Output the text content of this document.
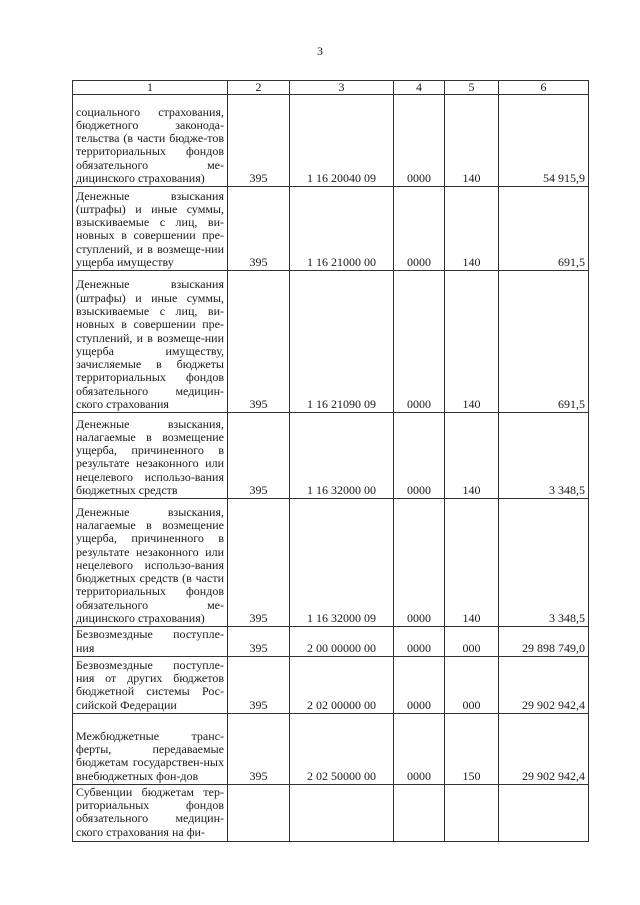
3
1	2	3	4	5	6
социального страхования, бюджетного законода-тельства (в части бюдже-тов территориальных фондов обязательного ме-дицинского страхования)	395	1 16 20040 09	0000	140	54 915,9
Денежные взыскания (штрафы) и иные суммы, взыскиваемые с лиц, ви-новных в совершении пре-ступлений, и в возмеще-нии ущерба имуществу	395	1 16 21000 00	0000	140	691,5
Денежные взыскания (штрафы) и иные суммы, взыскиваемые с лиц, ви-новных в совершении пре-ступлений, и в возмеще-нии ущерба имуществу, зачисляемые в бюджеты территориальных фондов обязательного медицин-ского страхования	395	1 16 21090 09	0000	140	691,5
Денежные взыскания, налагаемые в возмещение ущерба, причиненного в результате незаконного или нецелевого использо-вания бюджетных средств	395	1 16 32000 00	0000	140	3 348,5
Денежные взыскания, налагаемые в возмещение ущерба, причиненного в результате незаконного или нецелевого использо-вания бюджетных средств (в части территориальных фондов обязательного ме-дицинского страхования)	395	1 16 32000 09	0000	140	3 348,5
Безвозмездные поступле-ния	395	2 00 00000 00	0000	000	29 898 749,0
Безвозмездные поступле-ния от других бюджетов бюджетной системы Рос-сийской Федерации	395	2 02 00000 00	0000	000	29 902 942,4
Межбюджетные транс-ферты, передаваемые бюджетам государствен-ных внебюджетных фон-дов	395	2 02 50000 00	0000	150	29 902 942,4
Субвенции бюджетам тер-риториальных фондов обязательного медицин-ского страхования на фи-					
